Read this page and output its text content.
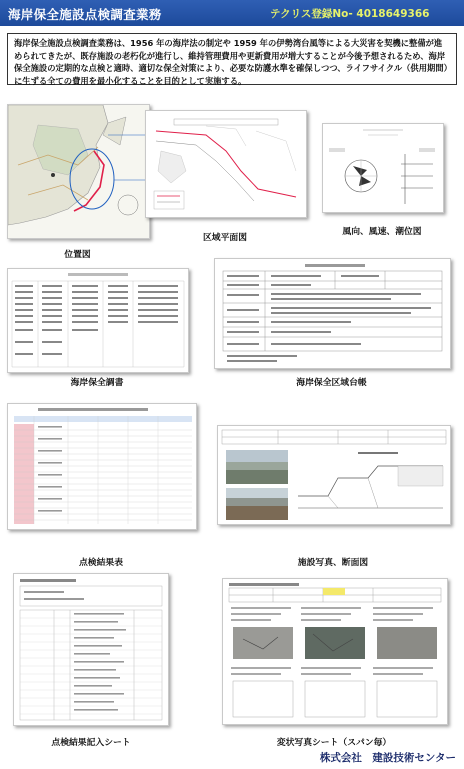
海岸保全施設点検調査業務	テクリス登録No- 4018649366
海岸保全施設点検調査業務は、1956 年の海岸法の制定や 1959 年の伊勢湾台風等による大災害を契機に整備が進められてきたが、既存施設の老朽化が進行し、維持管理費用や更新費用が増大することが今後予想されるため、海岸保全施設の定期的な点検と適時、適切な保全対策により、必要な防護水準を確保しつつ、ライフサイクル（供用期間）に生ずる全ての費用を最小化することを目的として実施する。
位置図
区域平面図
風向、風速、潮位図
海岸保全調書	海岸保全区域台帳
点検結果表	施設写真、断面図
点検結果記入シート	変状写真シート（スパン毎）
株式会社　建設技術センター
